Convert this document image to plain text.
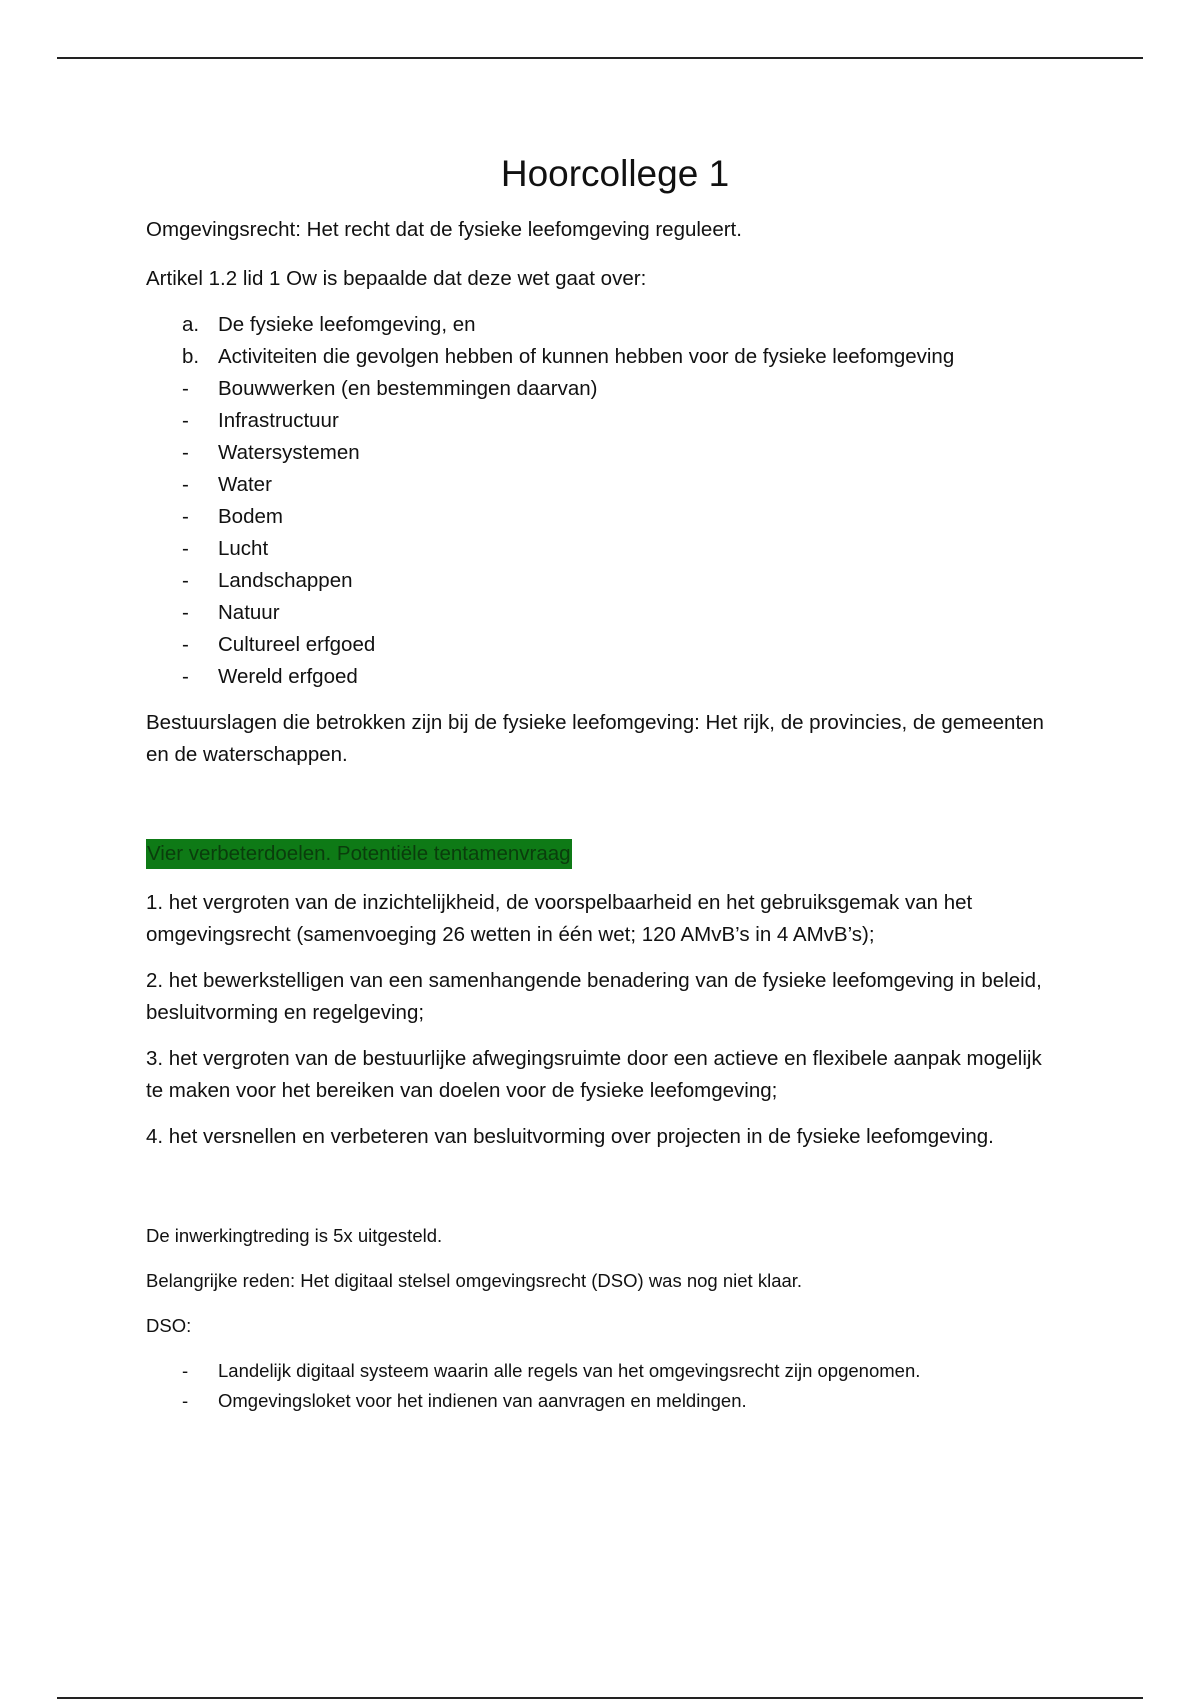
Hoorcollege 1

Omgevingsrecht: Het recht dat de fysieke leefomgeving reguleert.

Artikel 1.2 lid 1 Ow is bepaalde dat deze wet gaat over:

a. De fysieke leefomgeving, en
b. Activiteiten die gevolgen hebben of kunnen hebben voor de fysieke leefomgeving
-	Bouwwerken (en bestemmingen daarvan)
-	Infrastructuur
-	Watersystemen
-	Water
-	Bodem
-	Lucht
-	Landschappen
-	Natuur
-	Cultureel erfgoed
-	Wereld erfgoed

Bestuurslagen die betrokken zijn bij de fysieke leefomgeving: Het rijk, de provincies, de gemeenten en de waterschappen.

Vier verbeterdoelen. Potentiële tentamenvraag

1. het vergroten van de inzichtelijkheid, de voorspelbaarheid en het gebruiksgemak van het omgevingsrecht (samenvoeging 26 wetten in één wet; 120 AMvB’s in 4 AMvB’s);

2. het bewerkstelligen van een samenhangende benadering van de fysieke leefomgeving in beleid, besluitvorming en regelgeving;

3. het vergroten van de bestuurlijke afwegingsruimte door een actieve en flexibele aanpak mogelijk te maken voor het bereiken van doelen voor de fysieke leefomgeving;

4. het versnellen en verbeteren van besluitvorming over projecten in de fysieke leefomgeving.

De inwerkingtreding is 5x uitgesteld.

Belangrijke reden: Het digitaal stelsel omgevingsrecht (DSO) was nog niet klaar.

DSO:

-	Landelijk digitaal systeem waarin alle regels van het omgevingsrecht zijn opgenomen.
-	Omgevingsloket voor het indienen van aanvragen en meldingen.
